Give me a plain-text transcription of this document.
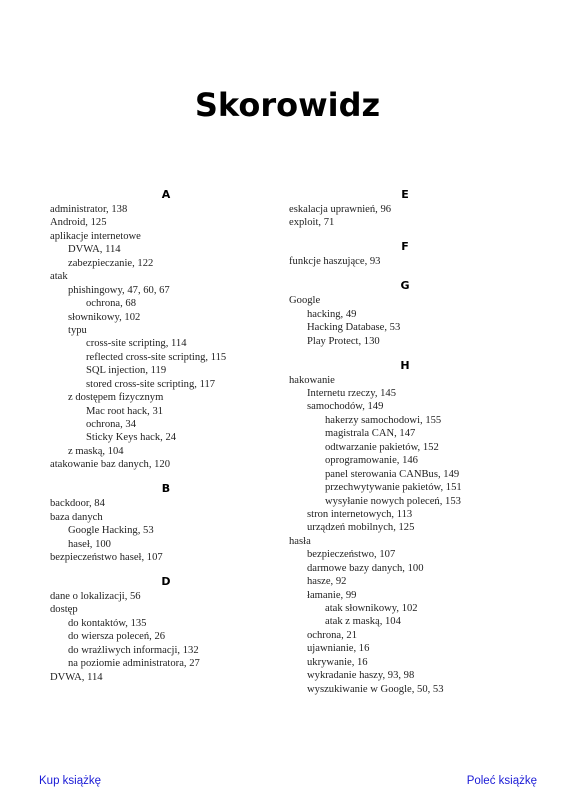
Skorowidz
A
administrator, 138
Android, 125
aplikacje internetowe
DVWA, 114
zabezpieczanie, 122
atak
phishingowy, 47, 60, 67
ochrona, 68
słownikowy, 102
typu
cross-site scripting, 114
reflected cross-site scripting, 115
SQL injection, 119
stored cross-site scripting, 117
z dostępem fizycznym
Mac root hack, 31
ochrona, 34
Sticky Keys hack, 24
z maską, 104
atakowanie baz danych, 120
B
backdoor, 84
baza danych
Google Hacking, 53
haseł, 100
bezpieczeństwo haseł, 107
D
dane o lokalizacji, 56
dostęp
do kontaktów, 135
do wiersza poleceń, 26
do wrażliwych informacji, 132
na poziomie administratora, 27
DVWA, 114
E
eskalacja uprawnień, 96
exploit, 71
F
funkcje haszujące, 93
G
Google
hacking, 49
Hacking Database, 53
Play Protect, 130
H
hakowanie
Internetu rzeczy, 145
samochodów, 149
hakerzy samochodowi, 155
magistrala CAN, 147
odtwarzanie pakietów, 152
oprogramowanie, 146
panel sterowania CANBus, 149
przechwytywanie pakietów, 151
wysyłanie nowych poleceń, 153
stron internetowych, 113
urządzeń mobilnych, 125
hasła
bezpieczeństwo, 107
darmowe bazy danych, 100
hasze, 92
łamanie, 99
atak słownikowy, 102
atak z maską, 104
ochrona, 21
ujawnianie, 16
ukrywanie, 16
wykradanie haszy, 93, 98
wyszukiwanie w Google, 50, 53
Kup książkę	Poleć książkę
